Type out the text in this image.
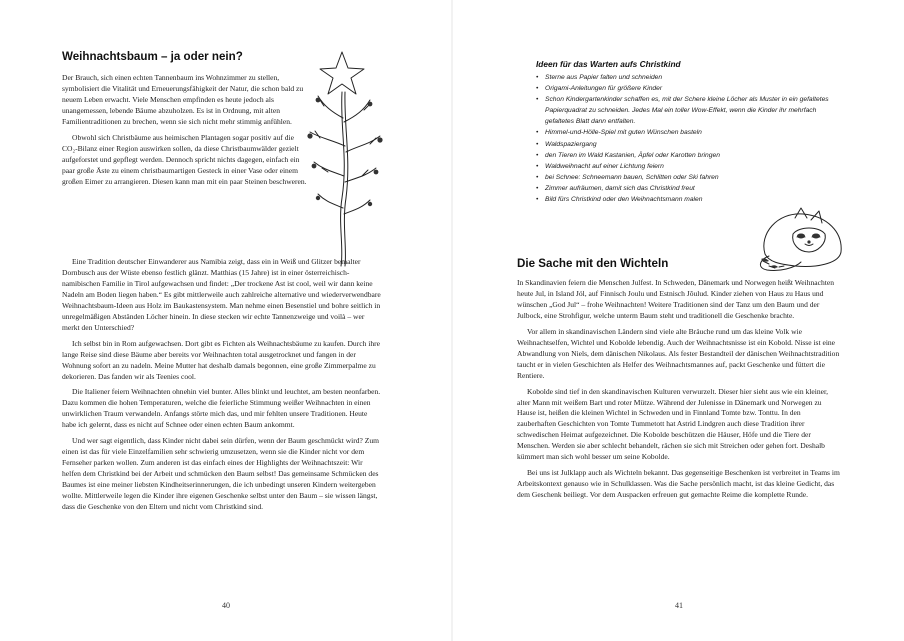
Weihnachtsbaum – ja oder nein?

Der Brauch, sich einen echten Tannenbaum ins Wohnzimmer zu stellen, symbolisiert die Vitalität und Erneuerungsfähigkeit der Natur, die schon bald zu neuem Leben erwacht. Viele Menschen empfinden es heute jedoch als unangemessen, lebende Bäume abzuholzen. Es ist in Ordnung, mit alten Familientraditionen zu brechen, wenn sie sich nicht mehr stimmig anfühlen.

Obwohl sich Christbäume aus heimischen Plantagen sogar positiv auf die CO₂-Bilanz einer Region auswirken sollen, da diese Christbaumwälder gezielt aufgeforstet und gepflegt werden. Dennoch spricht nichts dagegen, einfach ein paar große Äste zu einem christbaumartigen Gesteck in einer Vase oder einem großen Eimer zu arrangieren. Diesen kann man mit ein paar Steinen beschweren.

Eine Tradition deutscher Einwanderer aus Namibia zeigt, dass ein in Weiß und Glitzer bemalter Dornbusch aus der Wüste ebenso festlich glänzt. Matthias (15 Jahre) ist in einer österreichisch-namibischen Familie in Tirol aufgewachsen und findet: „Der trockene Ast ist cool, weil wir dann keine Nadeln am Boden liegen haben.“ Es gibt mittlerweile auch zahlreiche alternative und wiederverwendbare Weihnachtsbaum-Ideen aus Holz im Baukastensystem. Man nehme einen Besenstiel und bohre seitlich in unregelmäßigen Abständen Löcher hinein. In diese stecken wir echte Tannenzweige und voilà – wer merkt den Unterschied?

Ich selbst bin in Rom aufgewachsen. Dort gibt es Fichten als Weihnachtsbäume zu kaufen. Durch ihre lange Reise sind diese Bäume aber bereits vor Weihnachten total ausgetrocknet und fangen in der Wohnung sofort an zu nadeln. Meine Mutter hat deshalb damals begonnen, eine große Zimmerpalme zu dekorieren. Das fanden wir als Teenies cool.

Die Italiener feiern Weihnachten ohnehin viel bunter. Alles blinkt und leuchtet, am besten neonfarben. Dazu kommen die hohen Temperaturen, welche die feierliche Stimmung weißer Weihnachten in einen unwirklichen Traum verwandeln. Anfangs störte mich das, und mir fehlten unsere Traditionen. Heute habe ich gelernt, dass es nicht auf Schnee oder einen echten Baum ankommt.

Und wer sagt eigentlich, dass Kinder nicht dabei sein dürfen, wenn der Baum geschmückt wird? Zum einen ist das für viele Einzelfamilien sehr schwierig umzusetzen, wenn sie die Kinder nicht vor dem Fernseher parken wollen. Zum anderen ist das einfach eines der Highlights der Weihnachtszeit: Wir helfen dem Christkind bei der Arbeit und schmücken den Baum selbst! Das gemeinsame Schmücken des Baumes ist eine meiner liebsten Kindheitserinnerungen, die ich unbedingt unseren Kindern weitergeben wollte. Mittlerweile legen die Kinder ihre eigenen Geschenke selbst unter den Baum – sie wissen längst, dass die Geschenke von den Eltern und nicht vom Christkind sind.

40
Ideen für das Warten aufs Christkind
• Sterne aus Papier falten und schneiden
• Origami-Anleitungen für größere Kinder
• Schon Kindergartenkinder schaffen es, mit der Schere kleine Löcher als Muster in ein gefaltetes Papierquadrat zu schneiden. Jedes Mal ein toller Wow-Effekt, wenn die Kinder ihr mehrfach gefaltetes Blatt dann entfalten.
• Himmel-und-Hölle-Spiel mit guten Wünschen basteln
• Waldspaziergang
• den Tieren im Wald Kastanien, Äpfel oder Karotten bringen
• Waldweihnacht auf einer Lichtung feiern
• bei Schnee: Schneemann bauen, Schlitten oder Ski fahren
• Zimmer aufräumen, damit sich das Christkind freut
• Bild fürs Christkind oder den Weihnachtsmann malen
Die Sache mit den Wichteln

In Skandinavien feiern die Menschen Julfest. In Schweden, Dänemark und Norwegen heißt Weihnachten heute Jul, in Island Jól, auf Finnisch Joulu und Estnisch Jõulud. Kinder ziehen von Haus zu Haus und wünschen „God Jul“ – frohe Weihnachten! Weitere Traditionen sind der Tanz um den Baum und der Julbock, eine Strohfigur, welche unterm Baum steht und traditionell die Geschenke brachte.

Vor allem in skandinavischen Ländern sind viele alte Bräuche rund um das kleine Volk wie Weihnachtselfen, Wichtel und Kobolde lebendig. Auch der Weihnachtsnisse ist ein Kobold. Nisse ist eine Abwandlung von Niels, dem dänischen Nikolaus. Als fester Bestandteil der dänischen Weihnachtstradition taucht er in vielen Geschichten als Helfer des Weihnachtsmannes auf, packt Geschenke und füttert die Rentiere.

Kobolde sind tief in den skandinavischen Kulturen verwurzelt. Dieser hier sieht aus wie ein kleiner, alter Mann mit weißem Bart und roter Mütze. Während der Julenisse in Dänemark und Norwegen zu Hause ist, heißen die kleinen Wichtel in Schweden und in Finnland Tomte bzw. Tonttu. In den zauberhaften Geschichten von Tomte Tummetott hat Astrid Lindgren auch diese Tradition ihrer schwedischen Heimat aufgezeichnet. Die Kobolde beschützen die Häuser, Höfe und die Tiere der Menschen. Werden sie aber schlecht behandelt, rächen sie sich mit Streichen oder gehen fort. Deshalb kümmert man sich wohl besser um seine Kobolde.

Bei uns ist Julklapp auch als Wichteln bekannt. Das gegenseitige Beschenken ist verbreitet in Teams im Arbeitskontext genauso wie in Schulklassen. Was die Sache persönlich macht, ist das kleine Gedicht, das dem Geschenk beiliegt. Vor dem Auspacken erfreuen gut gemachte Reime die komplette Runde.

41
